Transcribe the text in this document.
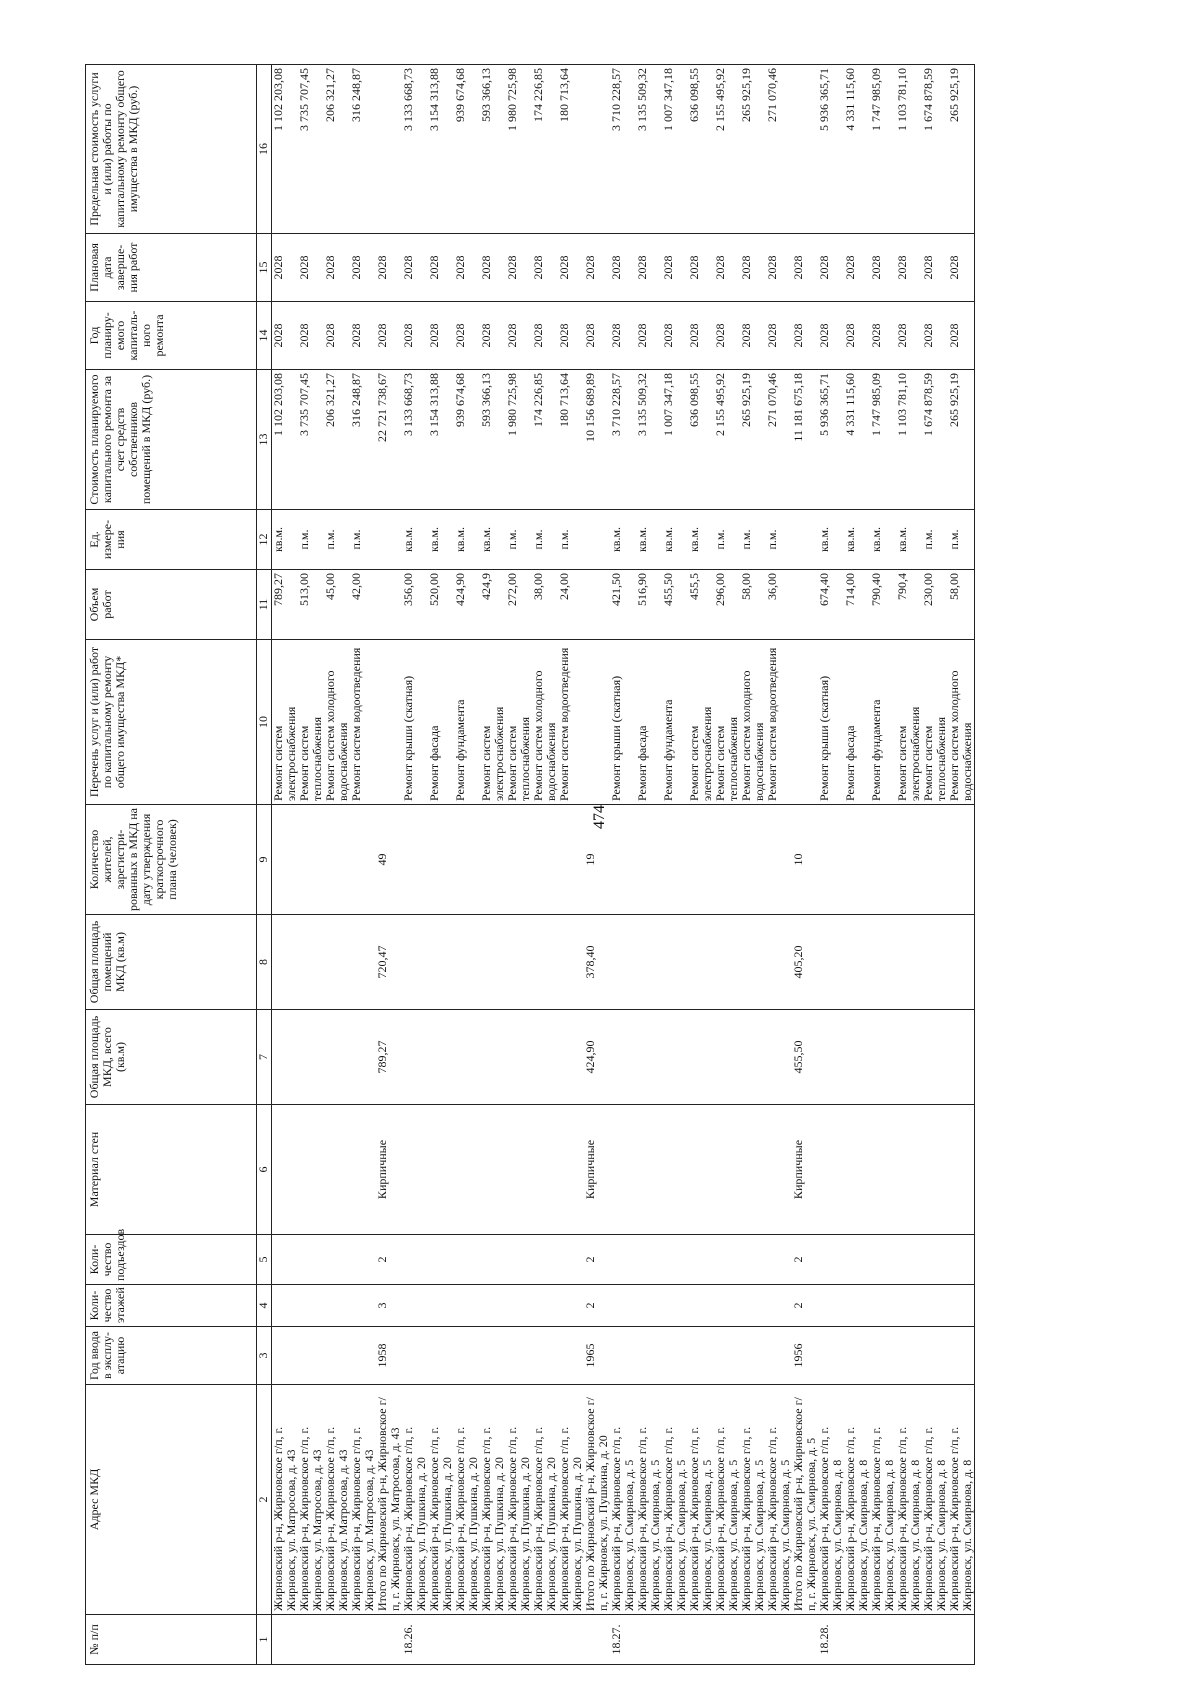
474
№ п/п	Адрес МКД	Год ввода в эксплу-атацию	Коли-чество этажей	Коли-чество подъездов	Материал стен	Общая площадь МКД, всего (кв.м)	Общая площадь помещений МКД (кв.м)	Количество жителей, зарегистри-рованных в МКД на дату утверждения краткосрочного плана (человек)	Перечень услуг и (или) работ по капитальному ремонту общего имущества МКД*	Объем работ	Ед. измере-ния	Стоимость планируемого капитального ремонта за счет средств собственников помещений в МКД (руб.)	Год планиру-емого капиталь-ного ремонта	Плановая дата заверше-ния работ	Предельная стоимость услуги и (или) работы по капитальному ремонту общего имущества в МКД (руб.)
1	2	3	4	5	6	7	8	9	10	11	12	13	14	15	16
	Жирновский р-н, Жирновское г/п, г. Жирновск, ул. Матросова, д. 43								Ремонт систем электроснабжения	789,27	кв.м.	1 102 203,08	2028	2028	1 102 203,08
	Жирновский р-н, Жирновское г/п, г. Жирновск, ул. Матросова, д. 43								Ремонт систем теплоснабжения	513,00	п.м.	3 735 707,45	2028	2028	3 735 707,45
	Жирновский р-н, Жирновское г/п, г. Жирновск, ул. Матросова, д. 43								Ремонт систем холодного водоснабжения	45,00	п.м.	206 321,27	2028	2028	206 321,27
	Жирновский р-н, Жирновское г/п, г. Жирновск, ул. Матросова, д. 43								Ремонт систем водоотведения	42,00	п.м.	316 248,87	2028	2028	316 248,87
	Итого по Жирновский р-н, Жирновское г/п, г. Жирновск, ул. Матросова, д. 43	1958	3	2	Кирпичные	789,27	720,47	49				22 721 738,67	2028	2028	
18.26.	Жирновский р-н, Жирновское г/п, г. Жирновск, ул. Пушкина, д. 20								Ремонт крыши (скатная)	356,00	кв.м.	3 133 668,73	2028	2028	3 133 668,73
	Жирновский р-н, Жирновское г/п, г. Жирновск, ул. Пушкина, д. 20								Ремонт фасада	520,00	кв.м.	3 154 313,88	2028	2028	3 154 313,88
	Жирновский р-н, Жирновское г/п, г. Жирновск, ул. Пушкина, д. 20								Ремонт фундамента	424,90	кв.м.	939 674,68	2028	2028	939 674,68
	Жирновский р-н, Жирновское г/п, г. Жирновск, ул. Пушкина, д. 20								Ремонт систем электроснабжения	424,9	кв.м.	593 366,13	2028	2028	593 366,13
	Жирновский р-н, Жирновское г/п, г. Жирновск, ул. Пушкина, д. 20								Ремонт систем теплоснабжения	272,00	п.м.	1 980 725,98	2028	2028	1 980 725,98
	Жирновский р-н, Жирновское г/п, г. Жирновск, ул. Пушкина, д. 20								Ремонт систем холодного водоснабжения	38,00	п.м.	174 226,85	2028	2028	174 226,85
	Жирновский р-н, Жирновское г/п, г. Жирновск, ул. Пушкина, д. 20								Ремонт систем водоотведения	24,00	п.м.	180 713,64	2028	2028	180 713,64
	Итого по Жирновский р-н, Жирновское г/п, г. Жирновск, ул. Пушкина, д. 20	1965	2	2	Кирпичные	424,90	378,40	19				10 156 689,89	2028	2028	
18.27.	Жирновский р-н, Жирновское г/п, г. Жирновск, ул. Смирнова, д. 5								Ремонт крыши (скатная)	421,50	кв.м.	3 710 228,57	2028	2028	3 710 228,57
	Жирновский р-н, Жирновское г/п, г. Жирновск, ул. Смирнова, д. 5								Ремонт фасада	516,90	кв.м.	3 135 509,32	2028	2028	3 135 509,32
	Жирновский р-н, Жирновское г/п, г. Жирновск, ул. Смирнова, д. 5								Ремонт фундамента	455,50	кв.м.	1 007 347,18	2028	2028	1 007 347,18
	Жирновский р-н, Жирновское г/п, г. Жирновск, ул. Смирнова, д. 5								Ремонт систем электроснабжения	455,5	кв.м.	636 098,55	2028	2028	636 098,55
	Жирновский р-н, Жирновское г/п, г. Жирновск, ул. Смирнова, д. 5								Ремонт систем теплоснабжения	296,00	п.м.	2 155 495,92	2028	2028	2 155 495,92
	Жирновский р-н, Жирновское г/п, г. Жирновск, ул. Смирнова, д. 5								Ремонт систем холодного водоснабжения	58,00	п.м.	265 925,19	2028	2028	265 925,19
	Жирновский р-н, Жирновское г/п, г. Жирновск, ул. Смирнова, д. 5								Ремонт систем водоотведения	36,00	п.м.	271 070,46	2028	2028	271 070,46
	Итого по Жирновский р-н, Жирновское г/п, г. Жирновск, ул. Смирнова, д. 5	1956	2	2	Кирпичные	455,50	405,20	10				11 181 675,18	2028	2028	
18.28.	Жирновский р-н, Жирновское г/п, г. Жирновск, ул. Смирнова, д. 8								Ремонт крыши (скатная)	674,40	кв.м.	5 936 365,71	2028	2028	5 936 365,71
	Жирновский р-н, Жирновское г/п, г. Жирновск, ул. Смирнова, д. 8								Ремонт фасада	714,00	кв.м.	4 331 115,60	2028	2028	4 331 115,60
	Жирновский р-н, Жирновское г/п, г. Жирновск, ул. Смирнова, д. 8								Ремонт фундамента	790,40	кв.м.	1 747 985,09	2028	2028	1 747 985,09
	Жирновский р-н, Жирновское г/п, г. Жирновск, ул. Смирнова, д. 8								Ремонт систем электроснабжения	790,4	кв.м.	1 103 781,10	2028	2028	1 103 781,10
	Жирновский р-н, Жирновское г/п, г. Жирновск, ул. Смирнова, д. 8								Ремонт систем теплоснабжения	230,00	п.м.	1 674 878,59	2028	2028	1 674 878,59
	Жирновский р-н, Жирновское г/п, г. Жирновск, ул. Смирнова, д. 8								Ремонт систем холодного водоснабжения	58,00	п.м.	265 925,19	2028	2028	265 925,19
